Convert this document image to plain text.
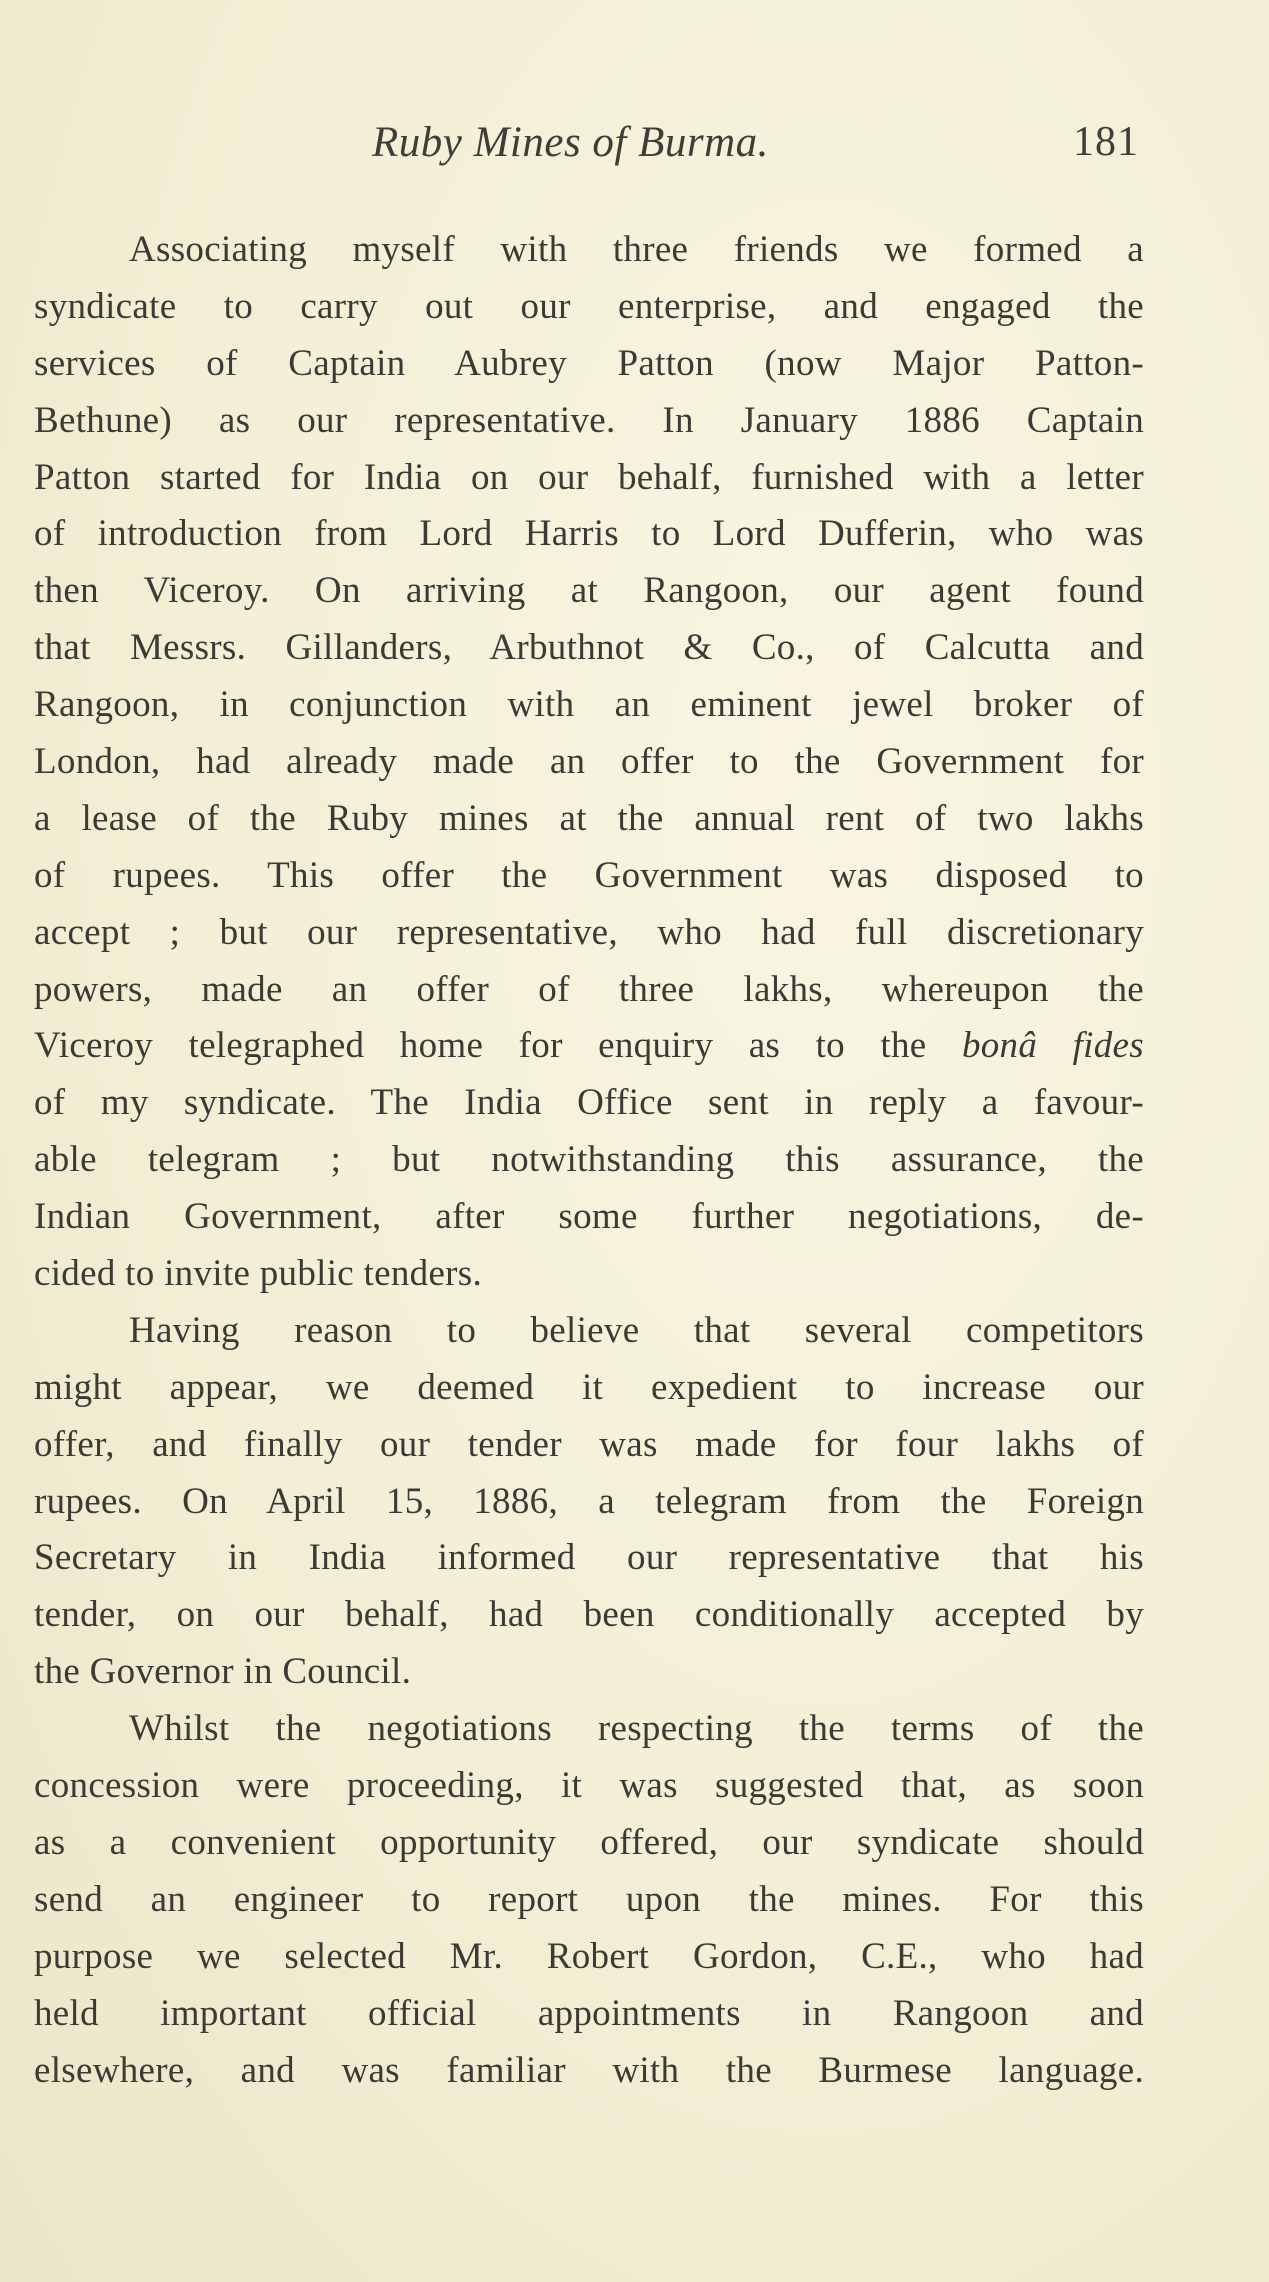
Ruby Mines of Burma.	181
Associating myself with three friends we formed a
syndicate to carry out our enterprise, and engaged the
services of Captain Aubrey Patton (now Major Patton-
Bethune) as our representative. In January 1886 Captain
Patton started for India on our behalf, furnished with a letter
of introduction from Lord Harris to Lord Dufferin, who was
then Viceroy. On arriving at Rangoon, our agent found
that Messrs. Gillanders, Arbuthnot & Co., of Calcutta and
Rangoon, in conjunction with an eminent jewel broker of
London, had already made an offer to the Government for
a lease of the Ruby mines at the annual rent of two lakhs
of rupees. This offer the Government was disposed to
accept ; but our representative, who had full discretionary
powers, made an offer of three lakhs, whereupon the
Viceroy telegraphed home for enquiry as to the bonâ fides
of my syndicate. The India Office sent in reply a favour-
able telegram ; but notwithstanding this assurance, the
Indian Government, after some further negotiations, de-
cided to invite public tenders.
Having reason to believe that several competitors
might appear, we deemed it expedient to increase our
offer, and finally our tender was made for four lakhs of
rupees. On April 15, 1886, a telegram from the Foreign
Secretary in India informed our representative that his
tender, on our behalf, had been conditionally accepted by
the Governor in Council.
Whilst the negotiations respecting the terms of the
concession were proceeding, it was suggested that, as soon
as a convenient opportunity offered, our syndicate should
send an engineer to report upon the mines. For this
purpose we selected Mr. Robert Gordon, C.E., who had
held important official appointments in Rangoon and
elsewhere, and was familiar with the Burmese language.
